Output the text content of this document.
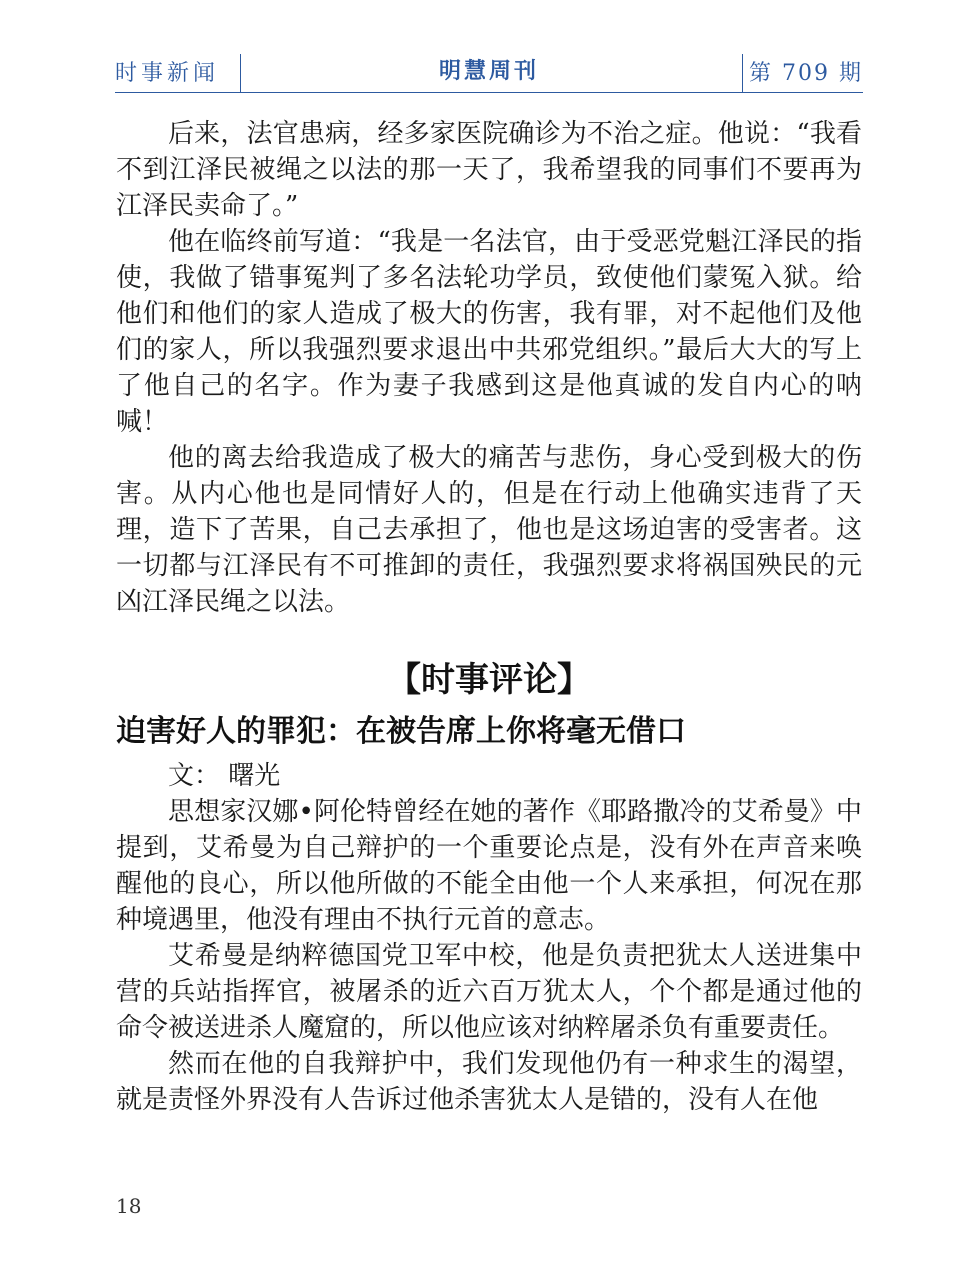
时事新闻	明慧周刊	第 709 期

后来，法官患病，经多家医院确诊为不治之症。他说：“我看不到江泽民被绳之以法的那一天了，我希望我的同事们不要再为江泽民卖命了。”

他在临终前写道：“我是一名法官，由于受恶党魁江泽民的指使，我做了错事冤判了多名法轮功学员，致使他们蒙冤入狱。给他们和他们的家人造成了极大的伤害，我有罪，对不起他们及他们的家人，所以我强烈要求退出中共邪党组织。”最后大大的写上了他自己的名字。作为妻子我感到这是他真诚的发自内心的呐喊！

他的离去给我造成了极大的痛苦与悲伤，身心受到极大的伤害。从内心他也是同情好人的，但是在行动上他确实违背了天理，造下了苦果，自己去承担了，他也是这场迫害的受害者。这一切都与江泽民有不可推卸的责任，我强烈要求将祸国殃民的元凶江泽民绳之以法。

【时事评论】
迫害好人的罪犯：在被告席上你将毫无借口
文： 曙光

思想家汉娜•阿伦特曾经在她的著作《耶路撒冷的艾希曼》中提到，艾希曼为自己辩护的一个重要论点是，没有外在声音来唤醒他的良心，所以他所做的不能全由他一个人来承担，何况在那种境遇里，他没有理由不执行元首的意志。

艾希曼是纳粹德国党卫军中校，他是负责把犹太人送进集中营的兵站指挥官，被屠杀的近六百万犹太人，个个都是通过他的命令被送进杀人魔窟的，所以他应该对纳粹屠杀负有重要责任。

然而在他的自我辩护中，我们发现他仍有一种求生的渴望，就是责怪外界没有人告诉过他杀害犹太人是错的，没有人在他

18
